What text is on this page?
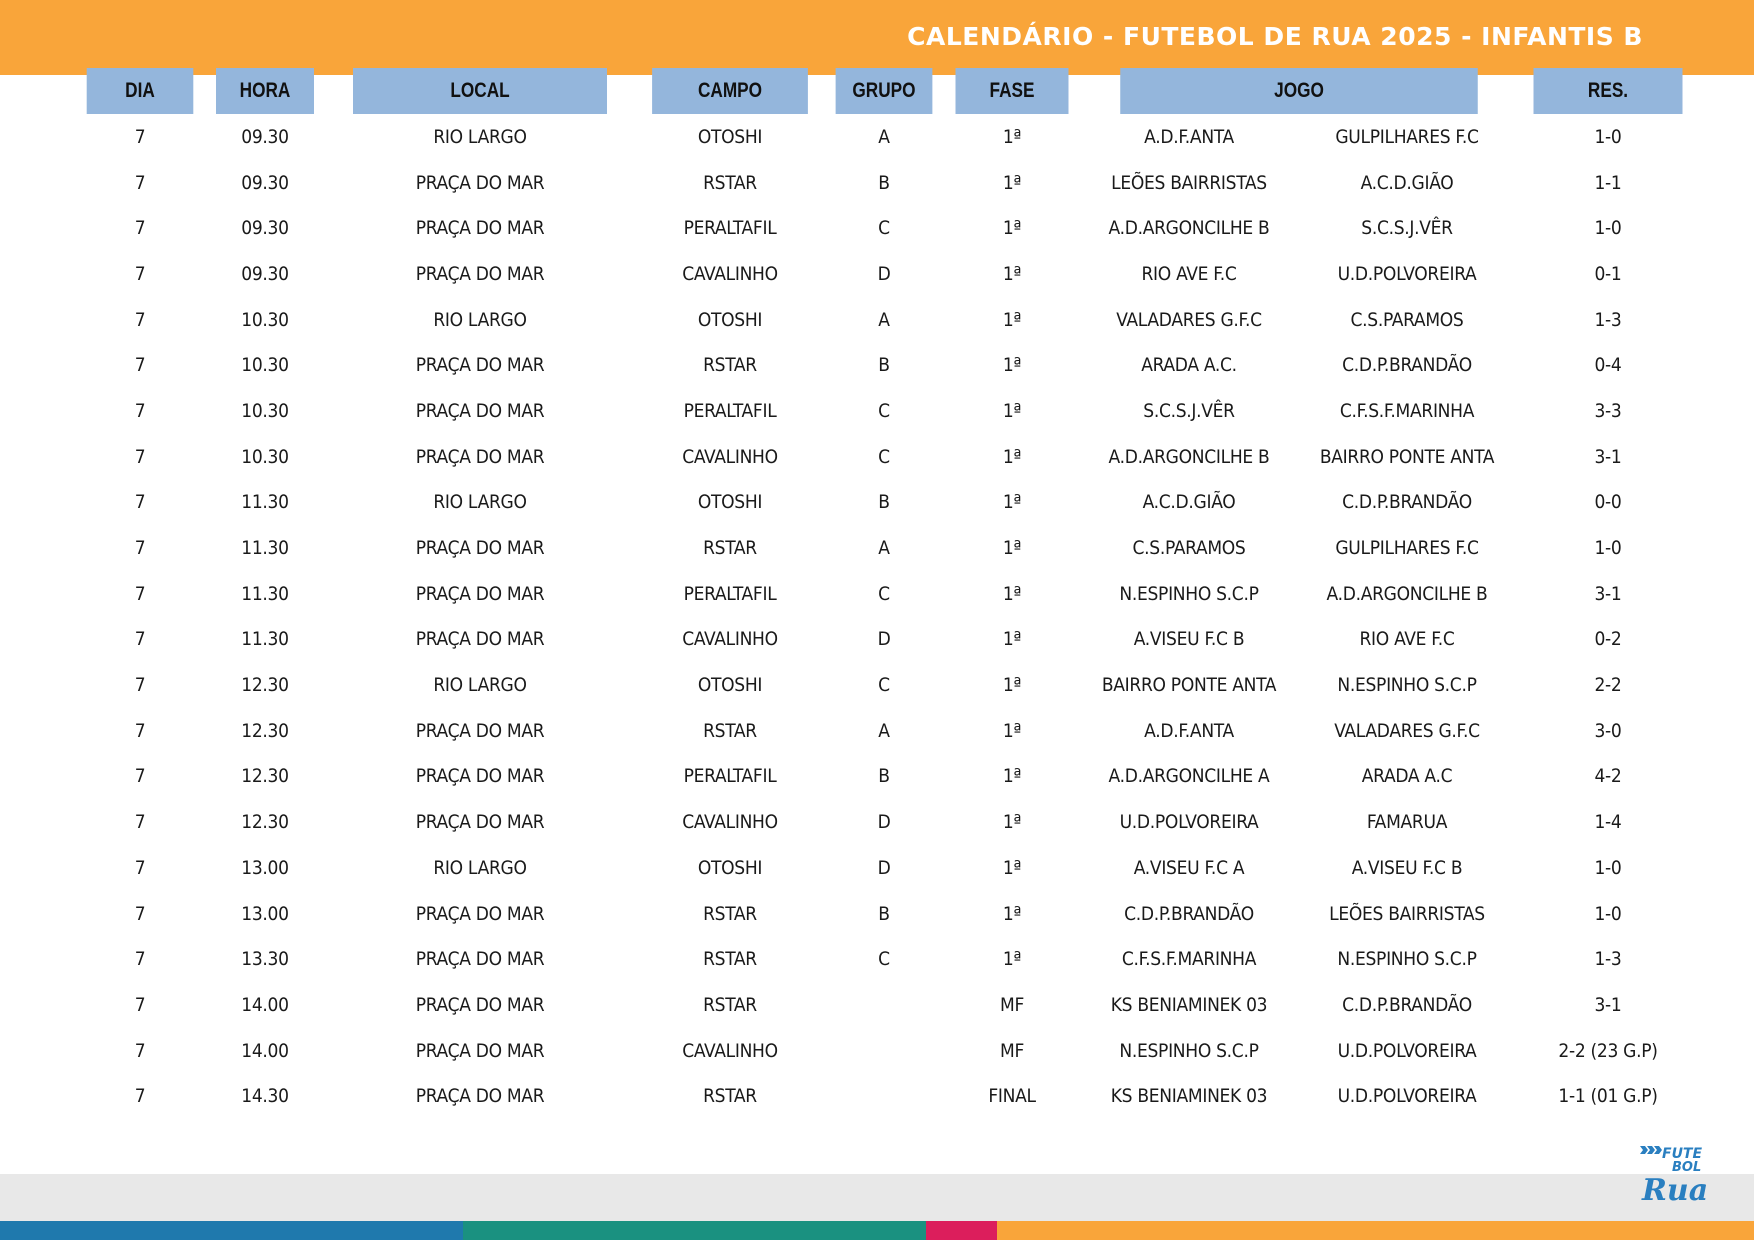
CALENDÁRIO - FUTEBOL DE RUA 2025 - INFANTIS B
DIA	HORA	LOCAL	CAMPO	GRUPO	FASE	JOGO		RES.
7	09.30	RIO LARGO	OTOSHI	A	1ª	A.D.F.ANTA	GULPILHARES F.C	1-0
7	09.30	PRAÇA DO MAR	RSTAR	B	1ª	LEÕES BAIRRISTAS	A.C.D.GIÃO	1-1
7	09.30	PRAÇA DO MAR	PERALTAFIL	C	1ª	A.D.ARGONCILHE B	S.C.S.J.VÊR	1-0
7	09.30	PRAÇA DO MAR	CAVALINHO	D	1ª	RIO AVE F.C	U.D.POLVOREIRA	0-1
7	10.30	RIO LARGO	OTOSHI	A	1ª	VALADARES G.F.C	C.S.PARAMOS	1-3
7	10.30	PRAÇA DO MAR	RSTAR	B	1ª	ARADA A.C.	C.D.P.BRANDÃO	0-4
7	10.30	PRAÇA DO MAR	PERALTAFIL	C	1ª	S.C.S.J.VÊR	C.F.S.F.MARINHA	3-3
7	10.30	PRAÇA DO MAR	CAVALINHO	C	1ª	A.D.ARGONCILHE B	BAIRRO PONTE ANTA	3-1
7	11.30	RIO LARGO	OTOSHI	B	1ª	A.C.D.GIÃO	C.D.P.BRANDÃO	0-0
7	11.30	PRAÇA DO MAR	RSTAR	A	1ª	C.S.PARAMOS	GULPILHARES F.C	1-0
7	11.30	PRAÇA DO MAR	PERALTAFIL	C	1ª	N.ESPINHO S.C.P	A.D.ARGONCILHE B	3-1
7	11.30	PRAÇA DO MAR	CAVALINHO	D	1ª	A.VISEU F.C B	RIO AVE F.C	0-2
7	12.30	RIO LARGO	OTOSHI	C	1ª	BAIRRO PONTE ANTA	N.ESPINHO S.C.P	2-2
7	12.30	PRAÇA DO MAR	RSTAR	A	1ª	A.D.F.ANTA	VALADARES G.F.C	3-0
7	12.30	PRAÇA DO MAR	PERALTAFIL	B	1ª	A.D.ARGONCILHE A	ARADA A.C	4-2
7	12.30	PRAÇA DO MAR	CAVALINHO	D	1ª	U.D.POLVOREIRA	FAMARUA	1-4
7	13.00	RIO LARGO	OTOSHI	D	1ª	A.VISEU F.C A	A.VISEU F.C B	1-0
7	13.00	PRAÇA DO MAR	RSTAR	B	1ª	C.D.P.BRANDÃO	LEÕES BAIRRISTAS	1-0
7	13.30	PRAÇA DO MAR	RSTAR	C	1ª	C.F.S.F.MARINHA	N.ESPINHO S.C.P	1-3
7	14.00	PRAÇA DO MAR	RSTAR		MF	KS BENIAMINEK 03	C.D.P.BRANDÃO	3-1
7	14.00	PRAÇA DO MAR	CAVALINHO		MF	N.ESPINHO S.C.P	U.D.POLVOREIRA	2-2 (23 G.P)
7	14.30	PRAÇA DO MAR	RSTAR		FINAL	KS BENIAMINEK 03	U.D.POLVOREIRA	1-1 (01 G.P)
FUTE
BOL
Rua
